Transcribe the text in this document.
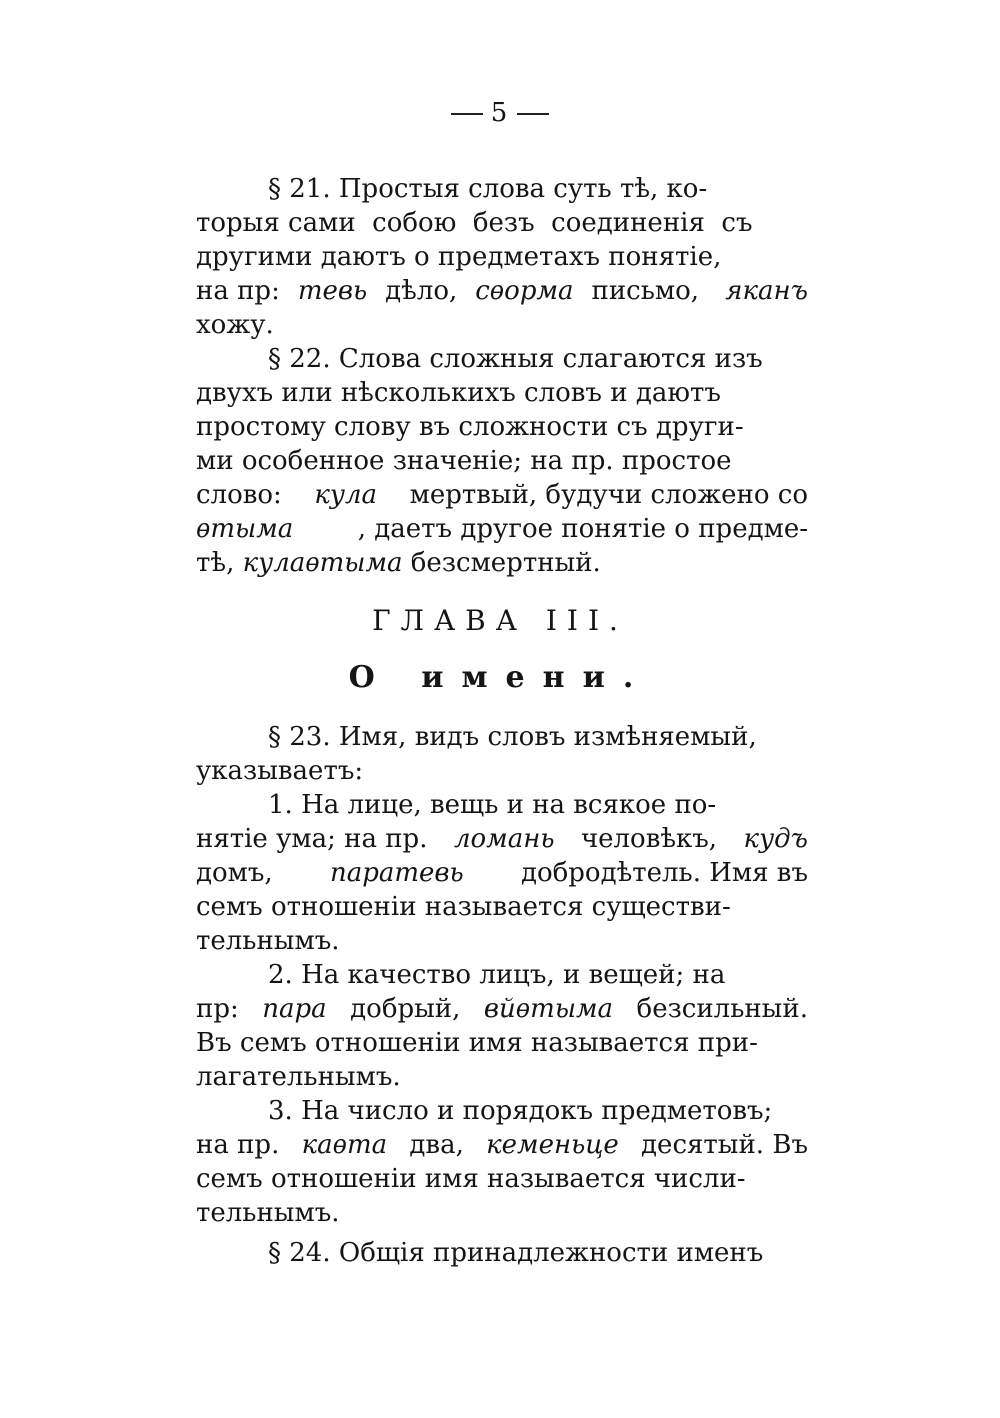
5
§ 21. Простыя слова суть тѣ, ко-
торыя сами  собою  безъ  соединенія  съ
другими даютъ о предметахъ понятіе,
на пр: тевь дѣло, сѳорма письмо, яканъ
хожу.
§ 22. Слова сложныя слагаются изъ
двухъ или нѣсколькихъ словъ и даютъ
простому слову въ сложности съ други-
ми особенное значеніе; на пр. простое
слово: кула мертвый, будучи сложено со
ѳтыма , даетъ другое понятіе о предме-
тѣ, кулаѳтыма безсмертный.
ГЛАВА III.
О имени.
§ 23. Имя, видъ словъ измѣняемый,
указываетъ:
1. На лице, вещь и на всякое по-
нятіе ума; на пр. ломань человѣкъ, кудъ
домъ, паратевь добродѣтель. Имя въ
семъ отношеніи называется существи-
тельнымъ.
2. На качество лицъ, и вещей; на
пр: пара добрый, вйѳтыма безсильный.
Въ семъ отношеніи имя называется при-
лагательнымъ.
3. На число и порядокъ предметовъ;
на пр. каѳта два, кеменьце десятый. Въ
семъ отношеніи имя называется числи-
тельнымъ.
§ 24. Общія принадлежности именъ
